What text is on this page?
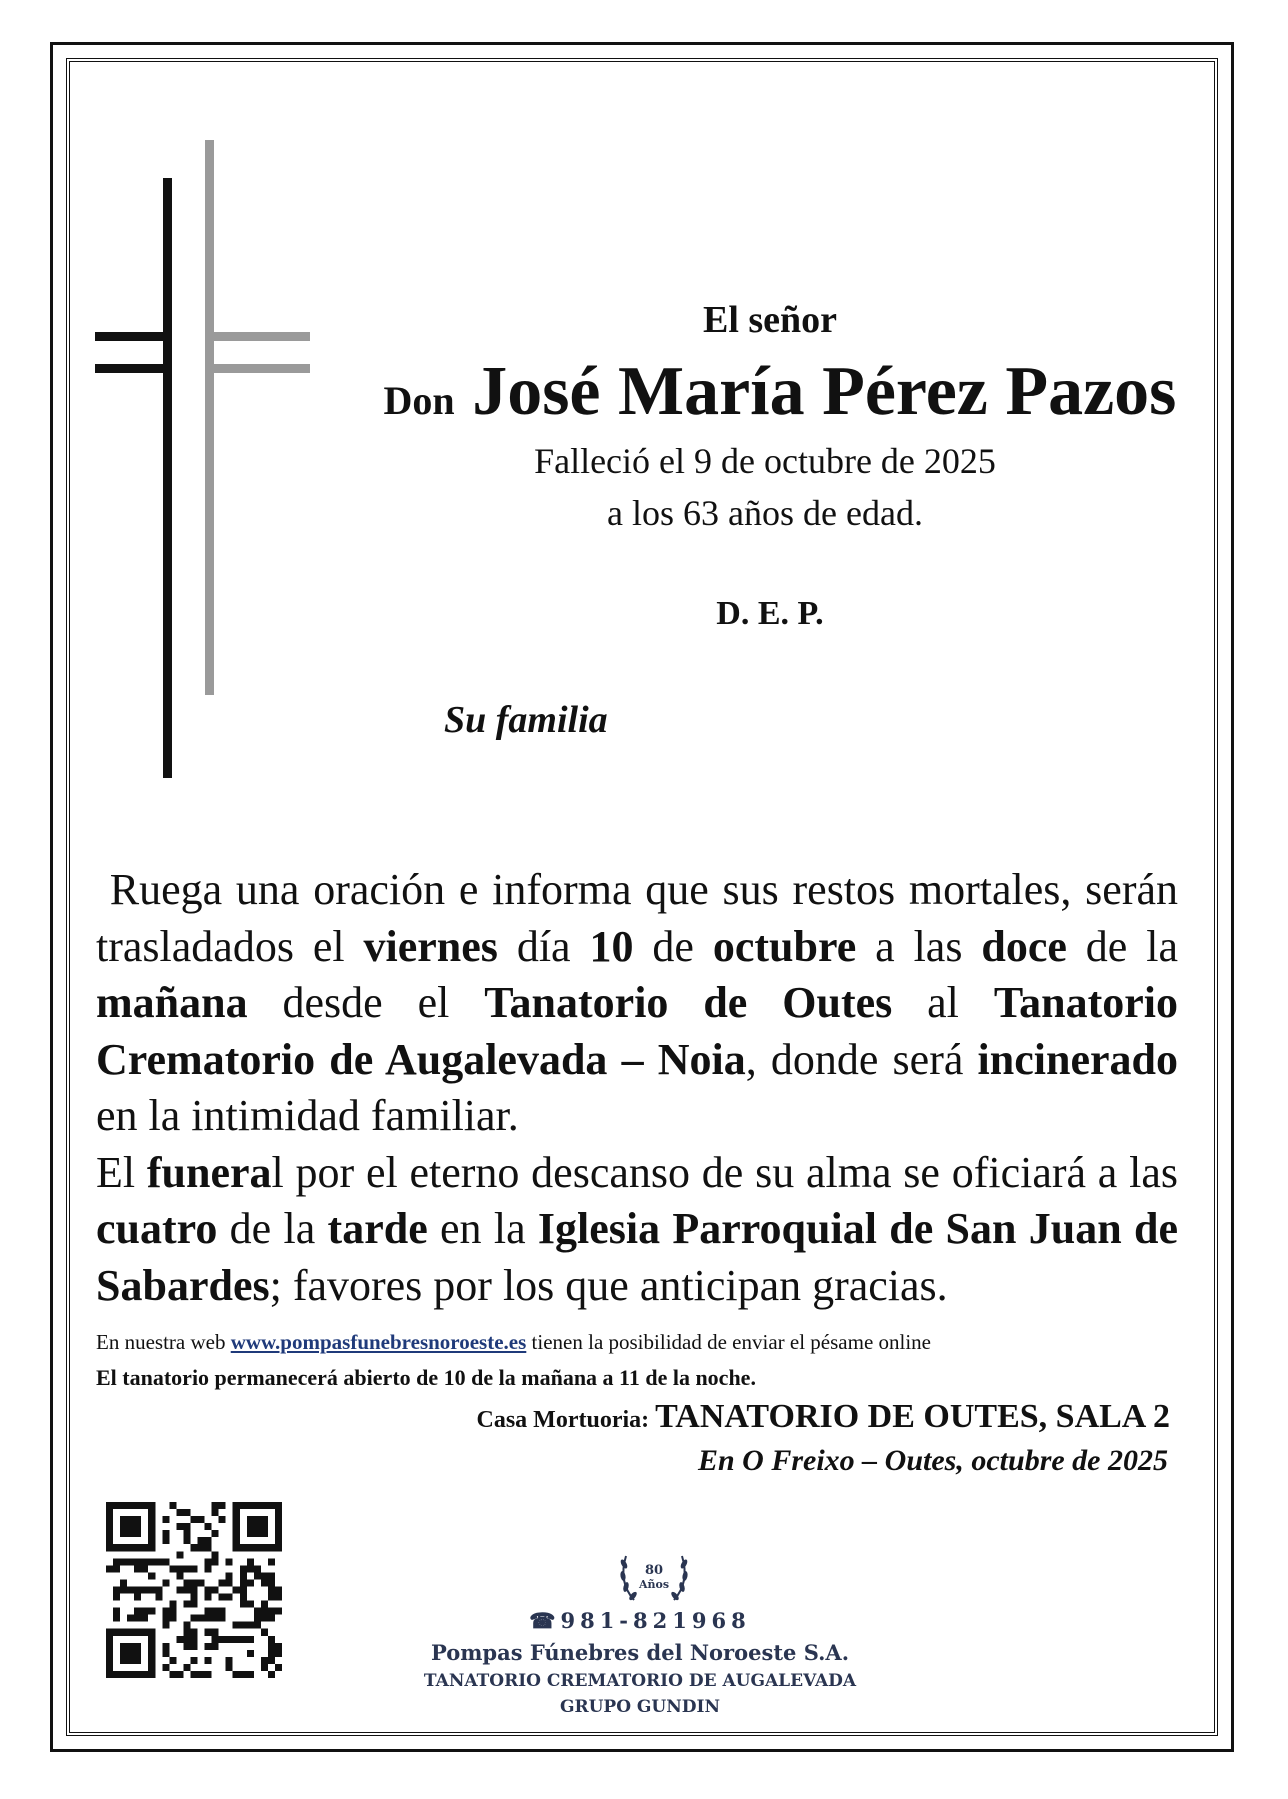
El señor
Don José María Pérez Pazos
Falleció el 9 de octubre de 2025
a los 63 años de edad.
D. E. P.
Su familia

Ruega una oración e informa que sus restos mortales, serán trasladados el viernes día 10 de octubre a las doce de la mañana desde el Tanatorio de Outes al Tanatorio Crematorio de Augalevada – Noia, donde será incinerado en la intimidad familiar.

El funeral por el eterno descanso de su alma se oficiará a las cuatro de la tarde en la Iglesia Parroquial de San Juan de Sabardes; favores por los que anticipan gracias.

En nuestra web www.pompasfunebresnoroeste.es tienen la posibilidad de enviar el pésame online
El tanatorio permanecerá abierto de 10 de la mañana a 11 de la noche.
Casa Mortuoria: TANATORIO DE OUTES, SALA 2
En O Freixo – Outes, octubre de 2025
80
Años
☎981-821968
Pompas Fúnebres del Noroeste S.A.
TANATORIO CREMATORIO DE AUGALEVADA
GRUPO GUNDIN
